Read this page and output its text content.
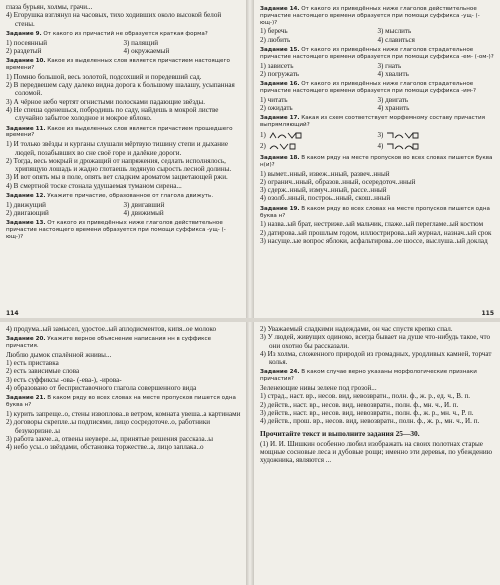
глаза бурьян, холмы, грачи...

4) Егорушка взглянул на часовых, тихо ходивших около высокой белой стены.

Задание 9. От какого из причастий не образуется краткая форма?

1) посеянный	3) палящий

2) раздетый	4) окружаемый

Задание 10. Какое из выделенных слов является причастием настоящего времени?

1) Помню большой, весь золотой, подсохший и поредевший сад.

2) В передвешем саду далеко видна дорога к большому шалашу, усыпанная соломой.

3) А чёрное небо чертят огнистыми полосками падающие звёзды.

4) Не спеша оденешься, побродишь по саду, найдешь в мокрой листве случайно забытое холодное и мокрое яблоко.

Задание 11. Какое из выделенных слов является причастием прошедшего времени?

1) И только звёзды и курганы слушали мёртвую тишину степи и дыхание людей, позабывших во сне своё горе и далёкие дороги.

2) Тогда, весь мокрый и дрожащий от напряжения, седлать исполнялось, хрипящую лошадь и жадно глотаешь ледяную сырость лесной долины.

3) И вот опять мы в поле, опять вет сладким ароматом зацветающей ржи.

4) В смертной тоске стонала удушаемая туманом сирена...

Задание 12. Укажите причастие, образованное от глагола движуть.

1) движущий	3) двигавший

2) двигающий	4) движимый

Задание 13. От какого из приведённых ниже глаголов действительное причастие настоящего времени образуется при помощи суффикса -ущ- (-ющ-)?

114

Задание 14. От какого из приведённых ниже глаголов действительное причастие настоящего времени образуется при помощи суффикса -ущ- (-ющ-)?

1) беречь	3) мыслить

2) любить	4) славиться

Задание 15. От какого из приведённых ниже глаголов страдательное причастие настоящего времени образуется при помощи суффикса -ем- (-ом-)?

1) зависеть	3) гнать

2) погружать	4) хвалить

Задание 16. От какого из приведённых ниже глаголов страдательное причастие настоящего времени образуется при помощи суффикса -им-?

1) читать	3) двигать

2) ожидать	4) хранить

Задание 17. Какая из схем соответствует морфемному составу причастия выпрямляющий?

1)	3)
2)	4)

Задание 18. В каком ряду на месте пропусков во всех словах пишется буква н(и)?

1) вымет..нный, извеж..нный, развеч..нный

2) огранич..нный, образов..нный, осередоточ..нный

3) сдерж..нный, измуч..нный, рассе..нный

4) озолб..нный, построь..нный, скош..нный

Задание 19. В каком ряду во всех словах на месте пропусков пишется одна буква н?

1) назва..ый брат, нестриже..ый мальчик, глаже..ый перегламе..ый костюм

2) датирова..ый прошлым годом, иллюстрирова..ый журнал, назнач..ый срок

3) насуще..ые вопрос яблоки, асфальтирова..ое шоссе, выслуша..ый доклад

115

4) продума..ый замысел, удостое..ый аплодисментов, кипя..ое молоко

Задание 20. Укажите верное объяснение написания нн в суффиксе причастия.

Люблю дымок спалённой жнивы...

1) есть приставка

2) есть зависимые слова

3) есть суффиксы -ова- (-ева-), -ирова-

4) образовано от бесприставочного глагола совершенного вида

Задание 21. В каком ряду во всех словах на месте пропусков пишется одна буква н?

1) курить запреще..о, стены извоплова..в ветром, комната увеша..а картинами

2) договоры скрепле..ы подписями, лицо сосредоточе..о, работники безукоризне..ы

3) работа закче..а, отвены неувере..ы, принятые решения рассказа..ы

4) небо усы..о звёздами, обстановка торжестве..а, лицо заплака..о

2) Уважаемый сладкими надеждами, он час спустя крепко спал.

3) У людей, живущих одиноко, всегда бывает на душе что-нибудь такое, что они охотно бы рассказали.

4) Из холма, сложенного природой из громадных, уродливых камней, торчат колья.

Задание 24. В каком случае верно указаны морфологические признаки причастия?

Зеленеющие нивы зелене под грозой...

1) страд., наст. вр., несов. вид, невозвратн., полн. ф., ж. р., ед. ч., В. п.

2) действ., наст. вр., несов. вид, невозвратн., полн. ф., мн. ч., И. п.

3) действ., наст. вр., несов. вид, невозвратн., полн. ф., ж. р., мн. ч., Р. п.

4) действ., прош. вр., несов. вид, невозвратн., полн. ф., ж. р., мн. ч., И. п.

Прочитайте текст и выполните задания 25—30.

(1) И. И. Шишкин особенно любил изображать на своих полотнах старые мощные сосновые леса и дубовые рощи; именно эти деревья, по убеждению художника, являются ...
